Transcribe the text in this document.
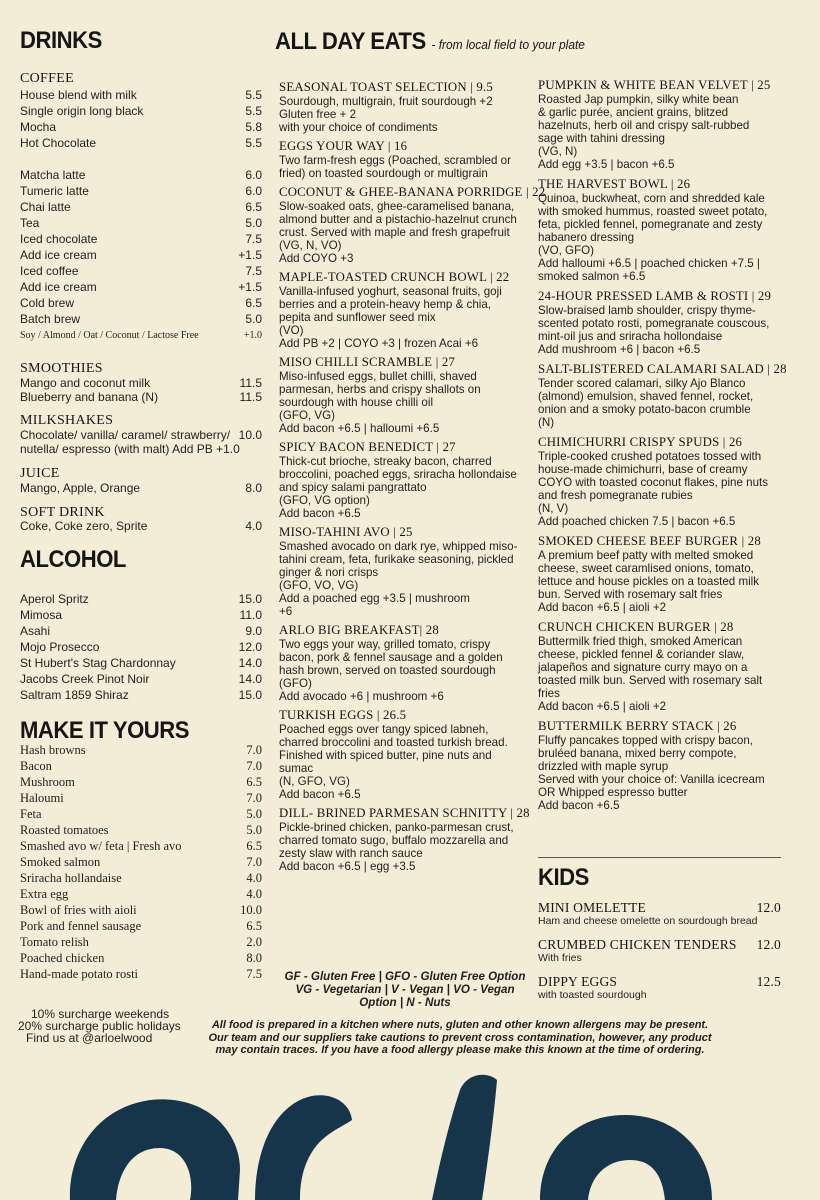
DRINKS
COFFEE
House blend with milk	5.5
Single origin long black	5.5
Mocha	5.8
Hot Chocolate	5.5
Matcha latte	6.0
Tumeric latte	6.0
Chai latte	6.5
Tea	5.0
Iced chocolate	7.5
Add ice cream	+1.5
Iced coffee	7.5
Add ice cream	+1.5
Cold brew	6.5
Batch brew	5.0
Soy / Almond / Oat / Coconut / Lactose Free	+1.0
SMOOTHIES
Mango and coconut milk	11.5
Blueberry and banana (N)	11.5
MILKSHAKES
Chocolate/ vanilla/ caramel/ strawberry/ 10.0
nutella/ espresso (with malt) Add PB +1.0
JUICE
Mango, Apple, Orange	8.0
SOFT DRINK
Coke, Coke zero, Sprite	4.0
ALCOHOL
Aperol Spritz	15.0
Mimosa	11.0
Asahi	9.0
Mojo Prosecco	12.0
St Hubert's Stag Chardonnay	14.0
Jacobs Creek Pinot Noir	14.0
Saltram 1859 Shiraz	15.0
MAKE IT YOURS
Hash browns	7.0
Bacon	7.0
Mushroom	6.5
Haloumi	7.0
Feta	5.0
Roasted tomatoes	5.0
Smashed avo w/ feta | Fresh avo	6.5
Smoked salmon	7.0
Sriracha hollandaise	4.0
Extra egg	4.0
Bowl of fries with aioli	10.0
Pork and fennel sausage	6.5
Tomato relish	2.0
Poached chicken	8.0
Hand-made potato rosti	7.5
10% surcharge weekends
20% surcharge public holidays
Find us at @arloelwood
ALL DAY EATS - from local field to your plate
SEASONAL TOAST SELECTION | 9.5
Sourdough, multigrain, fruit sourdough +2
Gluten free + 2
with your choice of condiments
EGGS YOUR WAY | 16
Two farm-fresh eggs (Poached, scrambled or
fried) on toasted sourdough or multigrain
COCONUT & GHEE-BANANA PORRIDGE | 22
Slow-soaked oats, ghee-caramelised banana,
almond butter and a pistachio-hazelnut crunch
crust. Served with maple and fresh grapefruit
(VG, N, VO)
Add COYO +3
MAPLE-TOASTED CRUNCH BOWL | 22
Vanilla-infused yoghurt, seasonal fruits, goji
berries and a protein-heavy hemp & chia,
pepita and sunflower seed mix
(VO)
Add PB +2 | COYO +3 | frozen Acai +6
MISO CHILLI SCRAMBLE | 27
Miso-infused eggs, bullet chilli, shaved
parmesan, herbs and crispy shallots on
sourdough with house chilli oil
(GFO, VG)
Add bacon +6.5 | halloumi +6.5
SPICY BACON BENEDICT | 27
Thick-cut brioche, streaky bacon, charred
broccolini, poached eggs, sriracha hollondaise
and spicy salami pangrattato
(GFO, VG option)
Add bacon +6.5
MISO-TAHINI AVO | 25
Smashed avocado on dark rye, whipped miso-
tahini cream, feta, furikake seasoning, pickled
ginger & nori crisps
(GFO, VO, VG)
Add a poached egg +3.5 | mushroom
+6
ARLO BIG BREAKFAST| 28
Two eggs your way, grilled tomato, crispy
bacon, pork & fennel sausage and a golden
hash brown, served on toasted sourdough
(GFO)
Add avocado +6 | mushroom +6
TURKISH EGGS | 26.5
Poached eggs over tangy spiced labneh,
charred broccolini and toasted turkish bread.
Finished with spiced butter, pine nuts and
sumac
(N, GFO, VG)
Add bacon +6.5
DILL- BRINED PARMESAN SCHNITTY | 28
Pickle-brined chicken, panko-parmesan crust,
charred tomato sugo, buffalo mozzarella and
zesty slaw with ranch sauce
Add bacon +6.5 | egg +3.5
PUMPKIN & WHITE BEAN VELVET | 25
Roasted Jap pumpkin, silky white bean
& garlic purée, ancient grains, blitzed
hazelnuts, herb oil and crispy salt-rubbed
sage with tahini dressing
(VG, N)
Add egg +3.5 | bacon +6.5
THE HARVEST BOWL | 26
Quinoa, buckwheat, corn and shredded kale
with smoked hummus, roasted sweet potato,
feta, pickled fennel, pomegranate and zesty
habanero dressing
(VO, GFO)
Add halloumi +6.5 | poached chicken +7.5 |
smoked salmon +6.5
24-HOUR PRESSED LAMB & ROSTI | 29
Slow-braised lamb shoulder, crispy thyme-
scented potato rosti, pomegranate couscous,
mint-oil jus and sriracha hollondaise
Add mushroom +6 | bacon +6.5
SALT-BLISTERED CALAMARI SALAD | 28
Tender scored calamari, silky Ajo Blanco
(almond) emulsion, shaved fennel, rocket,
onion and a smoky potato-bacon crumble
(N)
CHIMICHURRI CRISPY SPUDS | 26
Triple-cooked crushed potatoes tossed with
house-made chimichurri, base of creamy
COYO with toasted coconut flakes, pine nuts
and fresh pomegranate rubies
(N, V)
Add poached chicken 7.5 | bacon +6.5
SMOKED CHEESE BEEF BURGER | 28
A premium beef patty with melted smoked
cheese, sweet caramlised onions, tomato,
lettuce and house pickles on a toasted milk
bun. Served with rosemary salt fries
Add bacon +6.5 | aioli +2
CRUNCH CHICKEN BURGER | 28
Buttermilk fried thigh, smoked American
cheese, pickled fennel & coriander slaw,
jalapeños and signature curry mayo on a
toasted milk bun. Served with rosemary salt
fries
Add bacon +6.5 | aioli +2
BUTTERMILK BERRY STACK | 26
Fluffy pancakes topped with crispy bacon,
bruléed banana, mixed berry compote,
drizzled with maple syrup
Served with your choice of: Vanilla icecream
OR Whipped espresso butter
Add bacon +6.5
KIDS
MINI OMELETTE	12.0
Ham and cheese omelette on sourdough bread
CRUMBED CHICKEN TENDERS 12.0
With fries
DIPPY EGGS	12.5
with toasted sourdough
GF - Gluten Free | GFO - Gluten Free Option
VG - Vegetarian | V - Vegan | VO - Vegan
Option | N - Nuts
All food is prepared in a kitchen where nuts, gluten and other known allergens may be present.
Our team and our suppliers take cautions to prevent cross contamination, however, any product
may contain traces. If you have a food allergy please make this known at the time of ordering.
